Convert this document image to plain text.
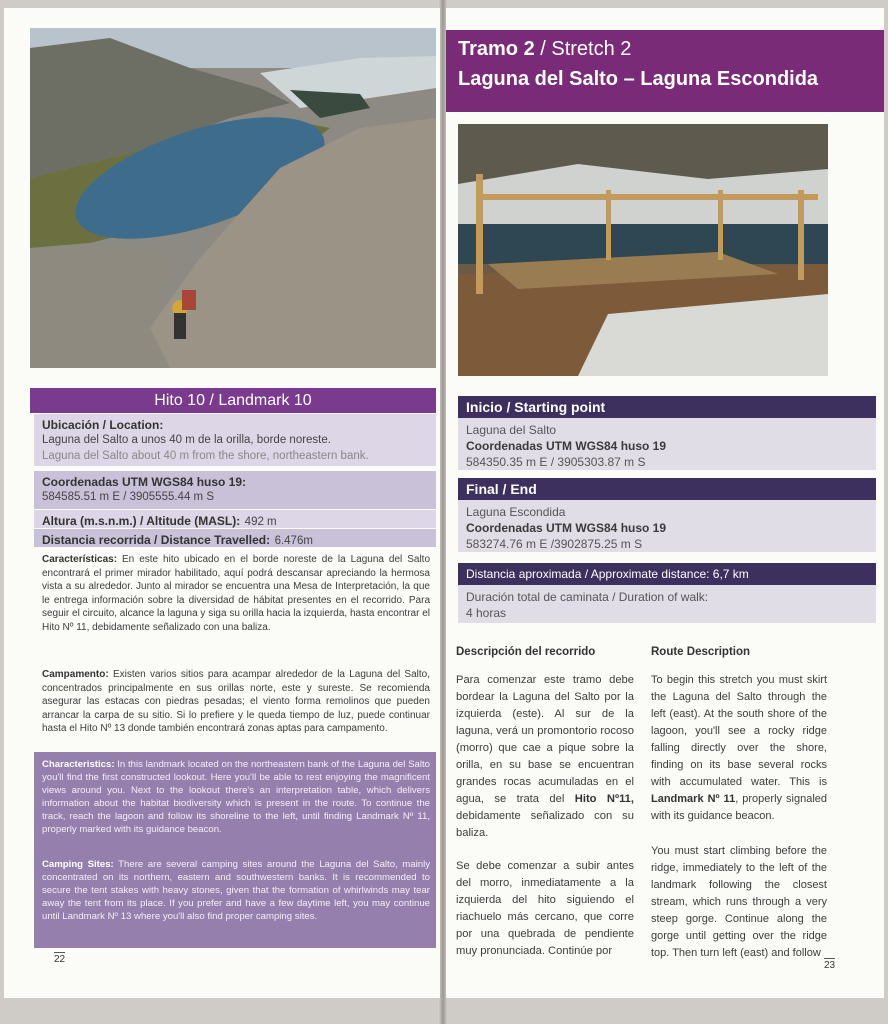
Hito 10 / Landmark 10
Ubicación / Location:
Laguna del Salto a unos 40 m de la orilla, borde noreste.
Laguna del Salto about 40 m from the shore, northeastern bank.
Coordenadas UTM WGS84 huso 19:
584585.51 m E / 3905555.44 m S
Altura (m.s.n.m.) / Altitude (MASL): 492 m
Distancia recorrida / Distance Travelled: 6.476m
Características: En este hito ubicado en el borde noreste de la Laguna del Salto encontrará el primer mirador habilitado, aquí podrá descansar apreciando la hermosa vista a su alrededor. Junto al mirador se encuentra una Mesa de Interpretación, la que le entrega información sobre la diversidad de hábitat presentes en el recorrido. Para seguir el circuito, alcance la laguna y siga su orilla hacia la izquierda, hasta encontrar el Hito Nº 11, debidamente señalizado con una baliza.
Campamento: Existen varios sitios para acampar alrededor de la Laguna del Salto, concentrados principalmente en sus orillas norte, este y sureste. Se recomienda asegurar las estacas con piedras pesadas; el viento forma remolinos que pueden arrancar la carpa de su sitio. Si lo prefiere y le queda tiempo de luz, puede continuar hasta el Hito Nº 13 donde también encontrará zonas aptas para campamento.
Characteristics: In this landmark located on the northeastern bank of the Laguna del Salto you'll find the first constructed lookout. Here you'll be able to rest enjoying the magnificent views around you. Next to the lookout there's an interpretation table, which delivers information about the habitat biodiversity which is present in the route. To continue the track, reach the lagoon and follow its shoreline to the left, until finding Landmark Nº 11, properly marked with its guidance beacon.
Camping Sites: There are several camping sites around the Laguna del Salto, mainly concentrated on its northern, eastern and southwestern banks. It is recommended to secure the tent stakes with heavy stones, given that the formation of whirlwinds may tear away the tent from its place. If you prefer and have a few daytime left, you may continue until Landmark Nº 13 where you'll also find proper camping sites.
22
Tramo 2 / Stretch 2
Laguna del Salto – Laguna Escondida
Inicio / Starting point
Laguna del Salto
Coordenadas UTM WGS84 huso 19
584350.35 m E / 3905303.87 m S
Final / End
Laguna Escondida
Coordenadas UTM WGS84 huso 19
583274.76 m E /3902875.25 m S
Distancia aproximada / Approximate distance: 6,7 km
Duración total de caminata / Duration of walk:
4 horas
Descripción del recorrido	Route Description
Para comenzar este tramo debe bordear la Laguna del Salto por la izquierda (este). Al sur de la laguna, verá un promontorio rocoso (morro) que cae a pique sobre la orilla, en su base se encuentran grandes rocas acumuladas en el agua, se trata del Hito Nº11, debidamente señalizado con su baliza.
Se debe comenzar a subir antes del morro, inmediatamente a la izquierda del hito siguiendo el riachuelo más cercano, que corre por una quebrada de pendiente muy pronunciada. Continúe por
To begin this stretch you must skirt the Laguna del Salto through the left (east). At the south shore of the lagoon, you'll see a rocky ridge falling directly over the shore, finding on its base several rocks with accumulated water. This is Landmark Nº 11, properly signaled with its guidance beacon.
You must start climbing before the ridge, immediately to the left of the landmark following the closest stream, which runs through a very steep gorge. Continue along the gorge until getting over the ridge top. Then turn left (east) and follow
23
